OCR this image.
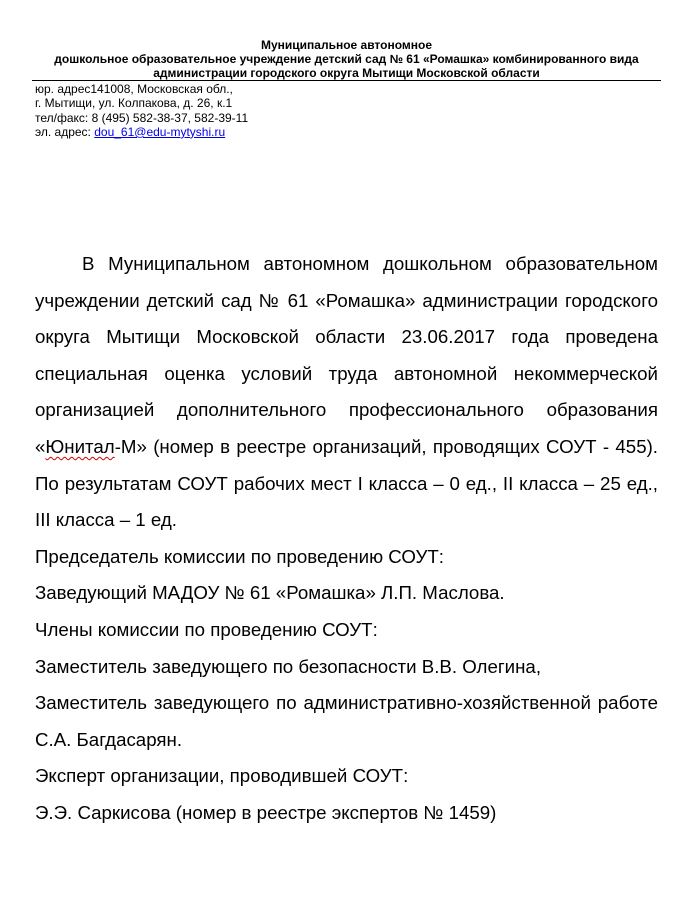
Муниципальное автономное
дошкольное образовательное учреждение детский сад № 61 «Ромашка» комбинированного вида
администрации городского округа Мытищи Московской области
юр. адрес141008, Московская обл.,
г. Мытищи, ул. Колпакова, д. 26, к.1
тел/факс: 8 (495) 582-38-37, 582-39-11
эл. адрес: dou_61@edu-mytyshi.ru

В Муниципальном автономном дошкольном образовательном учреждении детский сад № 61 «Ромашка» администрации городского округа Мытищи Московской области 23.06.2017 года проведена специальная оценка условий труда автономной некоммерческой организацией дополнительного профессионального образования «Юнитал-М» (номер в реестре организаций, проводящих СОУТ - 455). По результатам СОУТ рабочих мест I класса – 0 ед., II класса – 25 ед., III класса – 1 ед.

Председатель комиссии по проведению СОУТ:

Заведующий МАДОУ № 61 «Ромашка» Л.П. Маслова.

Члены комиссии по проведению СОУТ:

Заместитель заведующего по безопасности В.В. Олегина,

Заместитель заведующего по административно-хозяйственной работе С.А. Багдасарян.

Эксперт организации, проводившей СОУТ:

Э.Э. Саркисова (номер в реестре экспертов № 1459)
